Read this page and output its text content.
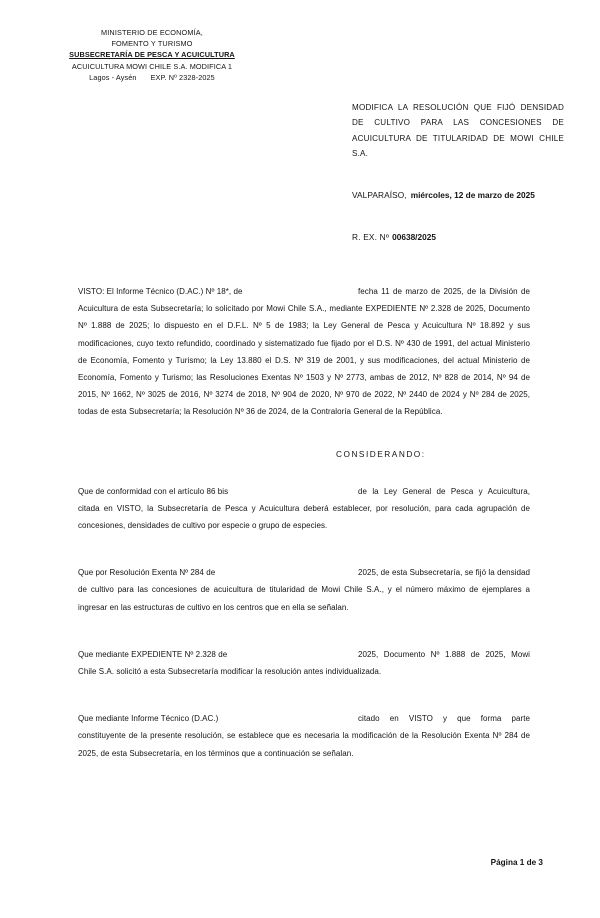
MINISTERIO DE ECONOMÍA,
FOMENTO Y TURISMO
SUBSECRETARÍA DE PESCA Y ACUICULTURA
ACUICULTURA MOWI CHILE S.A. MODIFICA 1
Lagos - Aysén EXP. Nº 2328-2025
MODIFICA LA RESOLUCIÓN QUE FIJÓ DENSIDAD DE CULTIVO PARA LAS CONCESIONES DE ACUICULTURA DE TITULARIDAD DE MOWI CHILE S.A.
VALPARAÍSO, miércoles, 12 de marzo de 2025
R. EX. Nº 00638/2025

VISTO: El Informe Técnico (D.AC.) Nº 18*, de	fecha 11 de marzo de 2025, de la División de Acuicultura de esta Subsecretaría; lo solicitado por Mowi Chile S.A., mediante EXPEDIENTE Nº 2.328 de 2025, Documento Nº 1.888 de 2025; lo dispuesto en el D.F.L. Nº 5 de 1983; la Ley General de Pesca y Acuicultura Nº 18.892 y sus modificaciones, cuyo texto refundido, coordinado y sistematizado fue fijado por el D.S. Nº 430 de 1991, del actual Ministerio de Economía, Fomento y Turismo; la Ley 13.880 el D.S. Nº 319 de 2001, y sus modificaciones, del actual Ministerio de Economía, Fomento y Turismo; las Resoluciones Exentas Nº 1503 y Nº 2773, ambas de 2012, Nº 828 de 2014, Nº 94 de 2015, Nº 1662, Nº 3025 de 2016, Nº 3274 de 2018, Nº 904 de 2020, Nº 970 de 2022, Nº 2440 de 2024 y Nº 284 de 2025, todas de esta Subsecretaría; la Resolución Nº 36 de 2024, de la Contraloría General de la República.

CONSIDERANDO:

Que de conformidad con el artículo 86 bis	de la Ley General de Pesca y Acuicultura, citada en VISTO, la Subsecretaría de Pesca y Acuicultura deberá establecer, por resolución, para cada agrupación de concesiones, densidades de cultivo por especie o grupo de especies.

Que por Resolución Exenta Nº 284 de	2025, de esta Subsecretaría, se fijó la densidad de cultivo para las concesiones de acuicultura de titularidad de Mowi Chile S.A., y el número máximo de ejemplares a ingresar en las estructuras de cultivo en los centros que en ella se señalan.

Que mediante EXPEDIENTE Nº 2.328 de	2025, Documento Nº 1.888 de 2025, Mowi Chile S.A. solicitó a esta Subsecretaría modificar la resolución antes individualizada.

Que mediante Informe Técnico (D.AC.)	citado en VISTO y que forma parte constituyente de la presente resolución, se establece que es necesaria la modificación de la Resolución Exenta Nº 284 de 2025, de esta Subsecretaría, en los términos que a continuación se señalan.

Página 1 de 3
